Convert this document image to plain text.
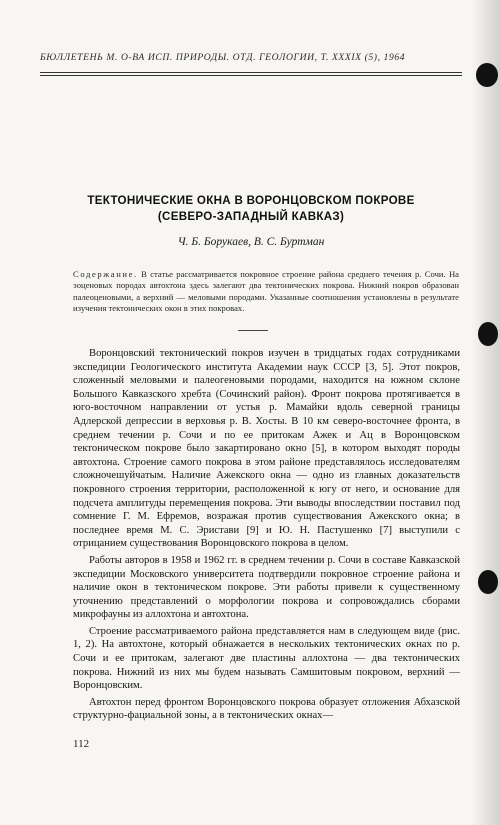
БЮЛЛЕТЕНЬ М. О-ВА ИСП. ПРИРОДЫ. ОТД. ГЕОЛОГИИ, Т. XXXIX (5), 1964
ТЕКТОНИЧЕСКИЕ ОКНА В ВОРОНЦОВСКОМ ПОКРОВЕ
(СЕВЕРО-ЗАПАДНЫЙ КАВКАЗ)
Ч. Б. Борукаев, В. С. Буртман
Содержание. В статье рассматривается покровное строение района среднего течения р. Сочи. На эоценовых породах автохтона здесь залегают два тектонических покрова. Нижний покров образован палеоценовыми, а верхний — меловыми породами. Указанные соотношения установлены в результате изучения тектонических окон в этих покровах.

Воронцовский тектонический покров изучен в тридцатых годах сотрудниками экспедиции Геологического института Академии наук СССР [3, 5]. Этот покров, сложенный меловыми и палеогеновыми породами, находится на южном склоне Большого Кавказского хребта (Сочинский район). Фронт покрова протягивается в юго-восточном направлении от устья р. Мамайки вдоль северной границы Адлерской депрессии в верховья р. В. Хосты. В 10 км северо-восточнее фронта, в среднем течении р. Сочи и по ее притокам Ажек и Ац в Воронцовском тектоническом покрове было закартировано окно [5], в котором выходят породы автохтона. Строение самого покрова в этом районе представлялось исследователям сложночешуйчатым. Наличие Ажекского окна — одно из главных доказательств покровного строения территории, расположенной к югу от него, и основание для подсчета амплитуды перемещения покрова. Эти выводы впоследствии поставил под сомнение Г. М. Ефремов, возражая против существования Ажекского окна; в последнее время М. С. Эристави [9] и Ю. Н. Пастушенко [7] выступили с отрицанием существования Воронцовского покрова в целом.

Работы авторов в 1958 и 1962 гг. в среднем течении р. Сочи в составе Кавказской экспедиции Московского университета подтвердили покровное строение района и наличие окон в тектоническом покрове. Эти работы привели к существенному уточнению представлений о морфологии покрова и сопровождались сборами микрофауны из аллохтона и автохтона.

Строение рассматриваемого района представляется нам в следующем виде (рис. 1, 2). На автохтоне, который обнажается в нескольких тектонических окнах по р. Сочи и ее притокам, залегают две пластины аллохтона — два тектонических покрова. Нижний из них мы будем называть Самшитовым покровом, верхний — Воронцовским.

Автохтон перед фронтом Воронцовского покрова образует отложения Абхазской структурно-фациальной зоны, а в тектонических окнах—

112
